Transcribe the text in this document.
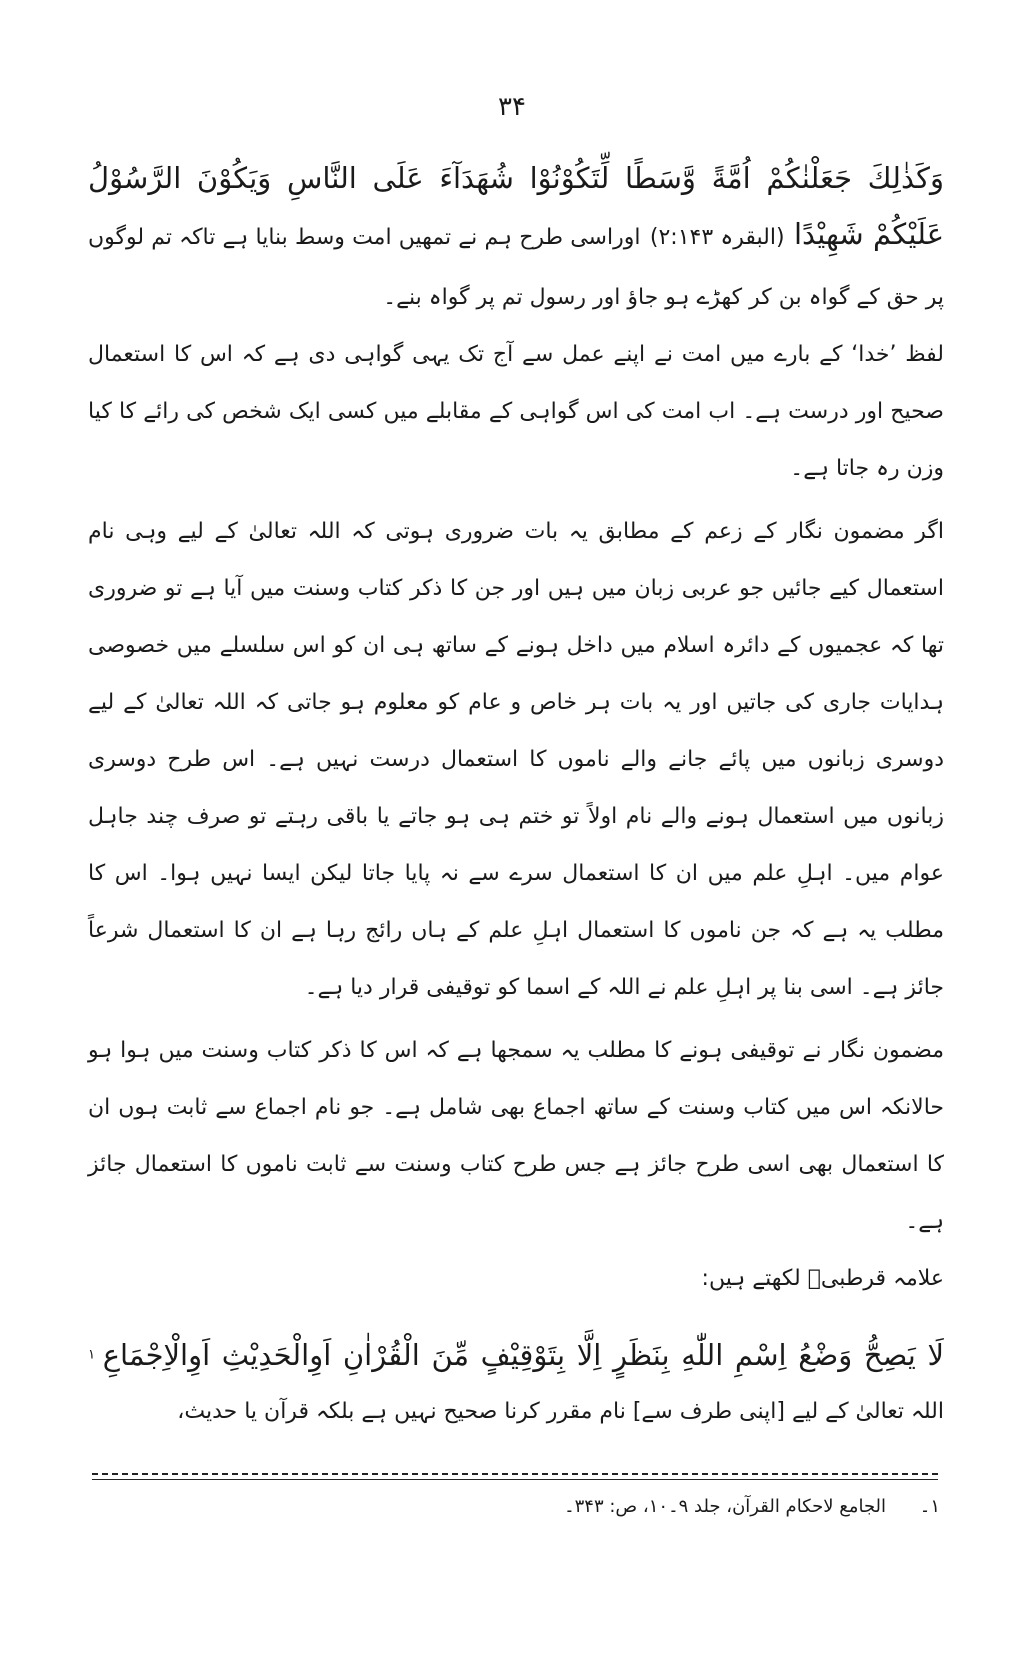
۳۴

وَكَذٰلِكَ جَعَلْنٰكُمْ اُمَّةً وَّسَطًا لِّتَكُوْنُوْا شُهَدَآءَ عَلَى النَّاسِ وَيَكُوْنَ الرَّسُوْلُ عَلَيْكُمْ شَهِيْدًا (البقرہ ۲:۱۴۳) اوراسی طرح ہم نے تمھیں امت وسط بنایا ہے تاکہ تم لوگوں پر حق کے گواہ بن کر کھڑے ہو جاؤ اور رسول تم پر گواہ بنے۔

لفظ ’خدا‘ کے بارے میں امت نے اپنے عمل سے آج تک یہی گواہی دی ہے کہ اس کا استعمال صحیح اور درست ہے۔ اب امت کی اس گواہی کے مقابلے میں کسی ایک شخص کی رائے کا کیا وزن رہ جاتا ہے۔

اگر مضمون نگار کے زعم کے مطابق یہ بات ضروری ہوتی کہ اللہ تعالیٰ کے لیے وہی نام استعمال کیے جائیں جو عربی زبان میں ہیں اور جن کا ذکر کتاب وسنت میں آیا ہے تو ضروری تھا کہ عجمیوں کے دائرہ اسلام میں داخل ہونے کے ساتھ ہی ان کو اس سلسلے میں خصوصی ہدایات جاری کی جاتیں اور یہ بات ہر خاص و عام کو معلوم ہو جاتی کہ اللہ تعالیٰ کے لیے دوسری زبانوں میں پائے جانے والے ناموں کا استعمال درست نہیں ہے۔ اس طرح دوسری زبانوں میں استعمال ہونے والے نام اولاً تو ختم ہی ہو جاتے یا باقی رہتے تو صرف چند جاہل عوام میں۔ اہلِ علم میں ان کا استعمال سرے سے نہ پایا جاتا لیکن ایسا نہیں ہوا۔ اس کا مطلب یہ ہے کہ جن ناموں کا استعمال اہلِ علم کے ہاں رائج رہا ہے ان کا استعمال شرعاً جائز ہے۔ اسی بنا پر اہلِ علم نے اللہ کے اسما کو توقیفی قرار دیا ہے۔

مضمون نگار نے توقیفی ہونے کا مطلب یہ سمجھا ہے کہ اس کا ذکر کتاب وسنت میں ہوا ہو حالانکہ اس میں کتاب وسنت کے ساتھ اجماع بھی شامل ہے۔ جو نام اجماع سے ثابت ہوں ان کا استعمال بھی اسی طرح جائز ہے جس طرح کتاب وسنت سے ثابت ناموں کا استعمال جائز ہے۔

علامہ قرطبیؒ لکھتے ہیں:

لَا يَصِحُّ وَضْعُ اِسْمِ اللّٰهِ بِنَظَرٍ اِلَّا بِتَوْقِيْفٍ مِّنَ الْقُرْاٰنِ اَوِالْحَدِيْثِ اَوِالْاِجْمَاعِ $^۱$ اللہ تعالیٰ کے لیے [اپنی طرف سے] نام مقرر کرنا صحیح نہیں ہے بلکہ قرآن یا حدیث،

۱۔ الجامع لاحکام القرآن، جلد ۹۔۱۰، ص: ۳۴۳۔
